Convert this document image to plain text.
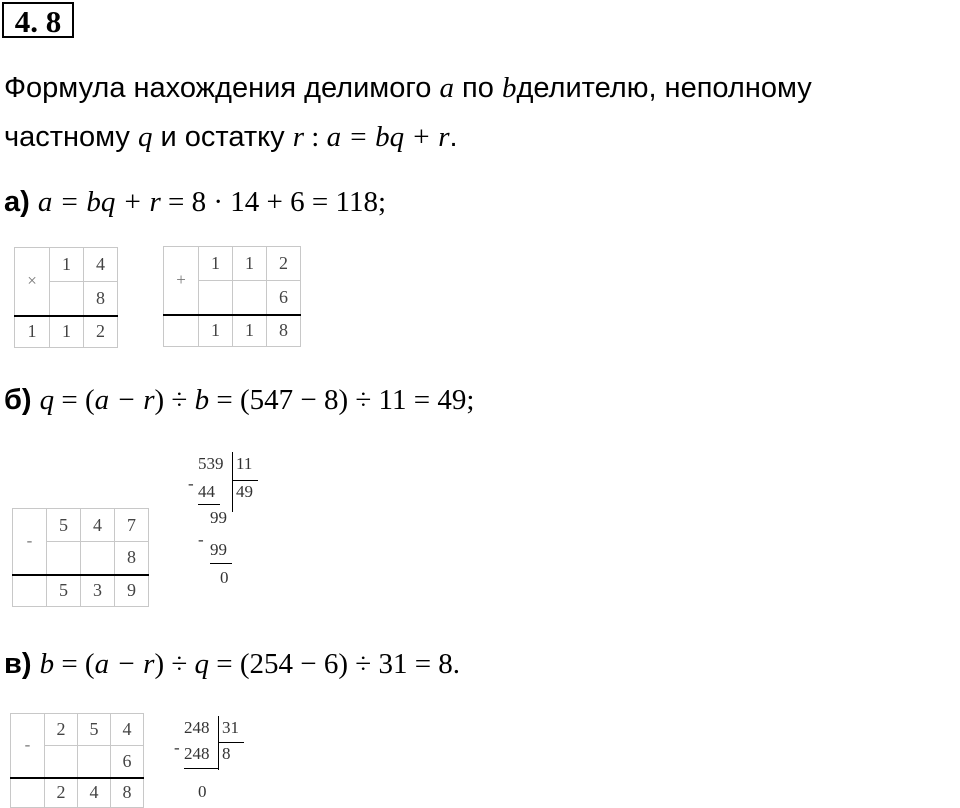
4. 8
Формула нахождения делимого a по bделителю, неполному
частному q и остатку r : a = bq + r.
а) a = bq + r = 8 · 14 + 6 = 118;
×	1	4
		8
1	1	2
+	1	1	2
			6
	1	1	8
б) q = (a − r) ÷ b = (547 − 8) ÷ 11 = 49;
-	5	4	7
			8
	5	3	9
539 11
- 44 49
99
-
99
0
в) b = (a − r) ÷ q = (254 − 6) ÷ 31 = 8.
-	2	5	4
			6
	2	4	8
248 31
- 248 8
0
